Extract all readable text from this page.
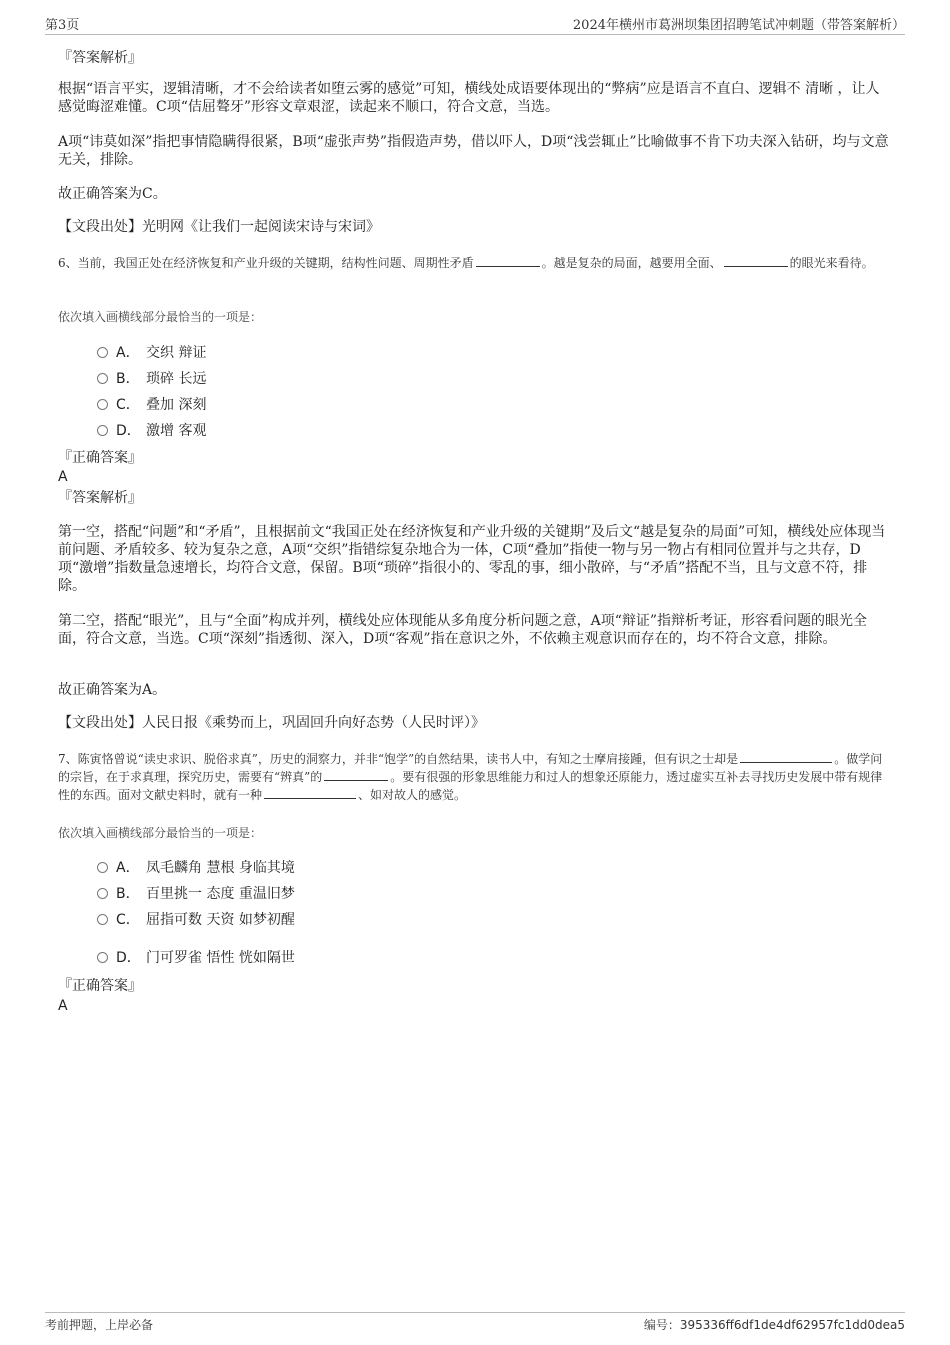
第3页	2024年横州市葛洲坝集团招聘笔试冲刺题（带答案解析）
『答案解析』
根据“语言平实，逻辑清晰，才不会给读者如堕云雾的感觉”可知，横线处成语要体现出的“弊病”应是语言不直白、逻辑不 清晰 ，让人感觉晦涩难懂。C项“佶屈聱牙”形容文章艰涩，读起来不顺口，符合文意，当选。
A项“讳莫如深”指把事情隐瞒得很紧，B项“虚张声势”指假造声势，借以吓人，D项“浅尝辄止”比喻做事不肯下功夫深入钻研，均与文意无关，排除。
故正确答案为C。
【文段出处】光明网《让我们一起阅读宋诗与宋词》
6、当前，我国正处在经济恢复和产业升级的关键期，结构性问题、周期性矛盾	。越是复杂的局面，越要用全面、	的眼光来看待。
依次填入画横线部分最恰当的一项是：
A． 交织 辩证
B． 琐碎 长远
C． 叠加 深刻
D． 激增 客观
『正确答案』
A
『答案解析』
第一空，搭配“问题”和“矛盾”，且根据前文“我国正处在经济恢复和产业升级的关键期”及后文“越是复杂的局面”可知，横线处应体现当前问题、矛盾较多、较为复杂之意，A项“交织”指错综复杂地合为一体，C项“叠加”指使一物与另一物占有相同位置并与之共存，D项“激增”指数量急速增长，均符合文意，保留。B项“琐碎”指很小的、零乱的事，细小散碎，与“矛盾”搭配不当，且与文意不符，排除。
第二空，搭配“眼光”，且与“全面”构成并列，横线处应体现能从多角度分析问题之意，A项“辩证”指辩析考证，形容看问题的眼光全面，符合文意，当选。C项“深刻”指透彻、深入，D项“客观”指在意识之外，不依赖主观意识而存在的，均不符合文意，排除。
故正确答案为A。
【文段出处】人民日报《乘势而上，巩固回升向好态势（人民时评）》
7、陈寅恪曾说“读史求识、脱俗求真”，历史的洞察力，并非“饱学”的自然结果，读书人中，有知之士摩肩接踵，但有识之士却是	。做学问的宗旨，在于求真理，探究历史，需要有“辨真”的	。要有很强的形象思维能力和过人的想象还原能力，透过虚实互补去寻找历史发展中带有规律性的东西。面对文献史料时，就有一种	、如对故人的感觉。
依次填入画横线部分最恰当的一项是：
A． 凤毛麟角 慧根 身临其境
B． 百里挑一 态度 重温旧梦
C． 屈指可数 天资 如梦初醒
D． 门可罗雀 悟性 恍如隔世
『正确答案』
A
考前押题，上岸必备	编号：395336ff6df1de4df62957fc1dd0dea5
